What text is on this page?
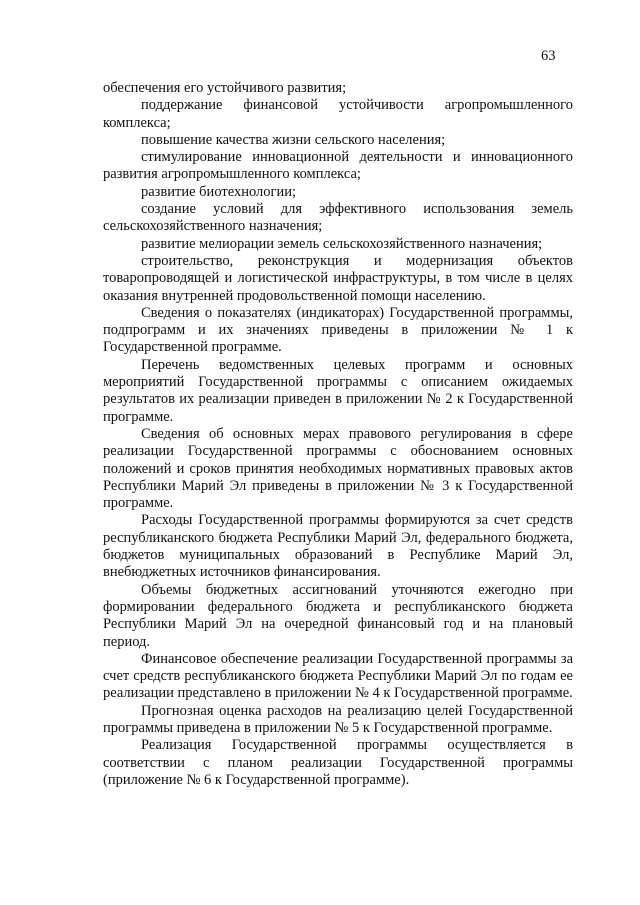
63

обеспечения его устойчивого развития;

поддержание финансовой устойчивости агропромышленного комплекса;

повышение качества жизни сельского населения;

стимулирование инновационной деятельности и инновационного развития агропромышленного комплекса;

развитие биотехнологии;

создание условий для эффективного использования земель сельскохозяйственного назначения;

развитие мелиорации земель сельскохозяйственного назначения;

строительство, реконструкция и модернизация объектов товаропроводящей и логистической инфраструктуры, в том числе в целях оказания внутренней продовольственной помощи населению.

Сведения о показателях (индикаторах) Государственной программы, подпрограмм и их значениях приведены в приложении № 1 к Государственной программе.

Перечень ведомственных целевых программ и основных мероприятий Государственной программы с описанием ожидаемых результатов их реализации приведен в приложении № 2 к Государственной программе.

Сведения об основных мерах правового регулирования в сфере реализации Государственной программы с обоснованием основных положений и сроков принятия необходимых нормативных правовых актов Республики Марий Эл приведены в приложении № 3 к Государственной программе.

Расходы Государственной программы формируются за счет средств республиканского бюджета Республики Марий Эл, федерального бюджета, бюджетов муниципальных образований в Республике Марий Эл, внебюджетных источников финансирования.

Объемы бюджетных ассигнований уточняются ежегодно при формировании федерального бюджета и республиканского бюджета Республики Марий Эл на очередной финансовый год и на плановый период.

Финансовое обеспечение реализации Государственной программы за счет средств республиканского бюджета Республики Марий Эл по годам ее реализации представлено в приложении № 4 к Государственной программе.

Прогнозная оценка расходов на реализацию целей Государственной программы приведена в приложении № 5 к Государственной программе.

Реализация Государственной программы осуществляется в соответствии с планом реализации Государственной программы (приложение № 6 к Государственной программе).
